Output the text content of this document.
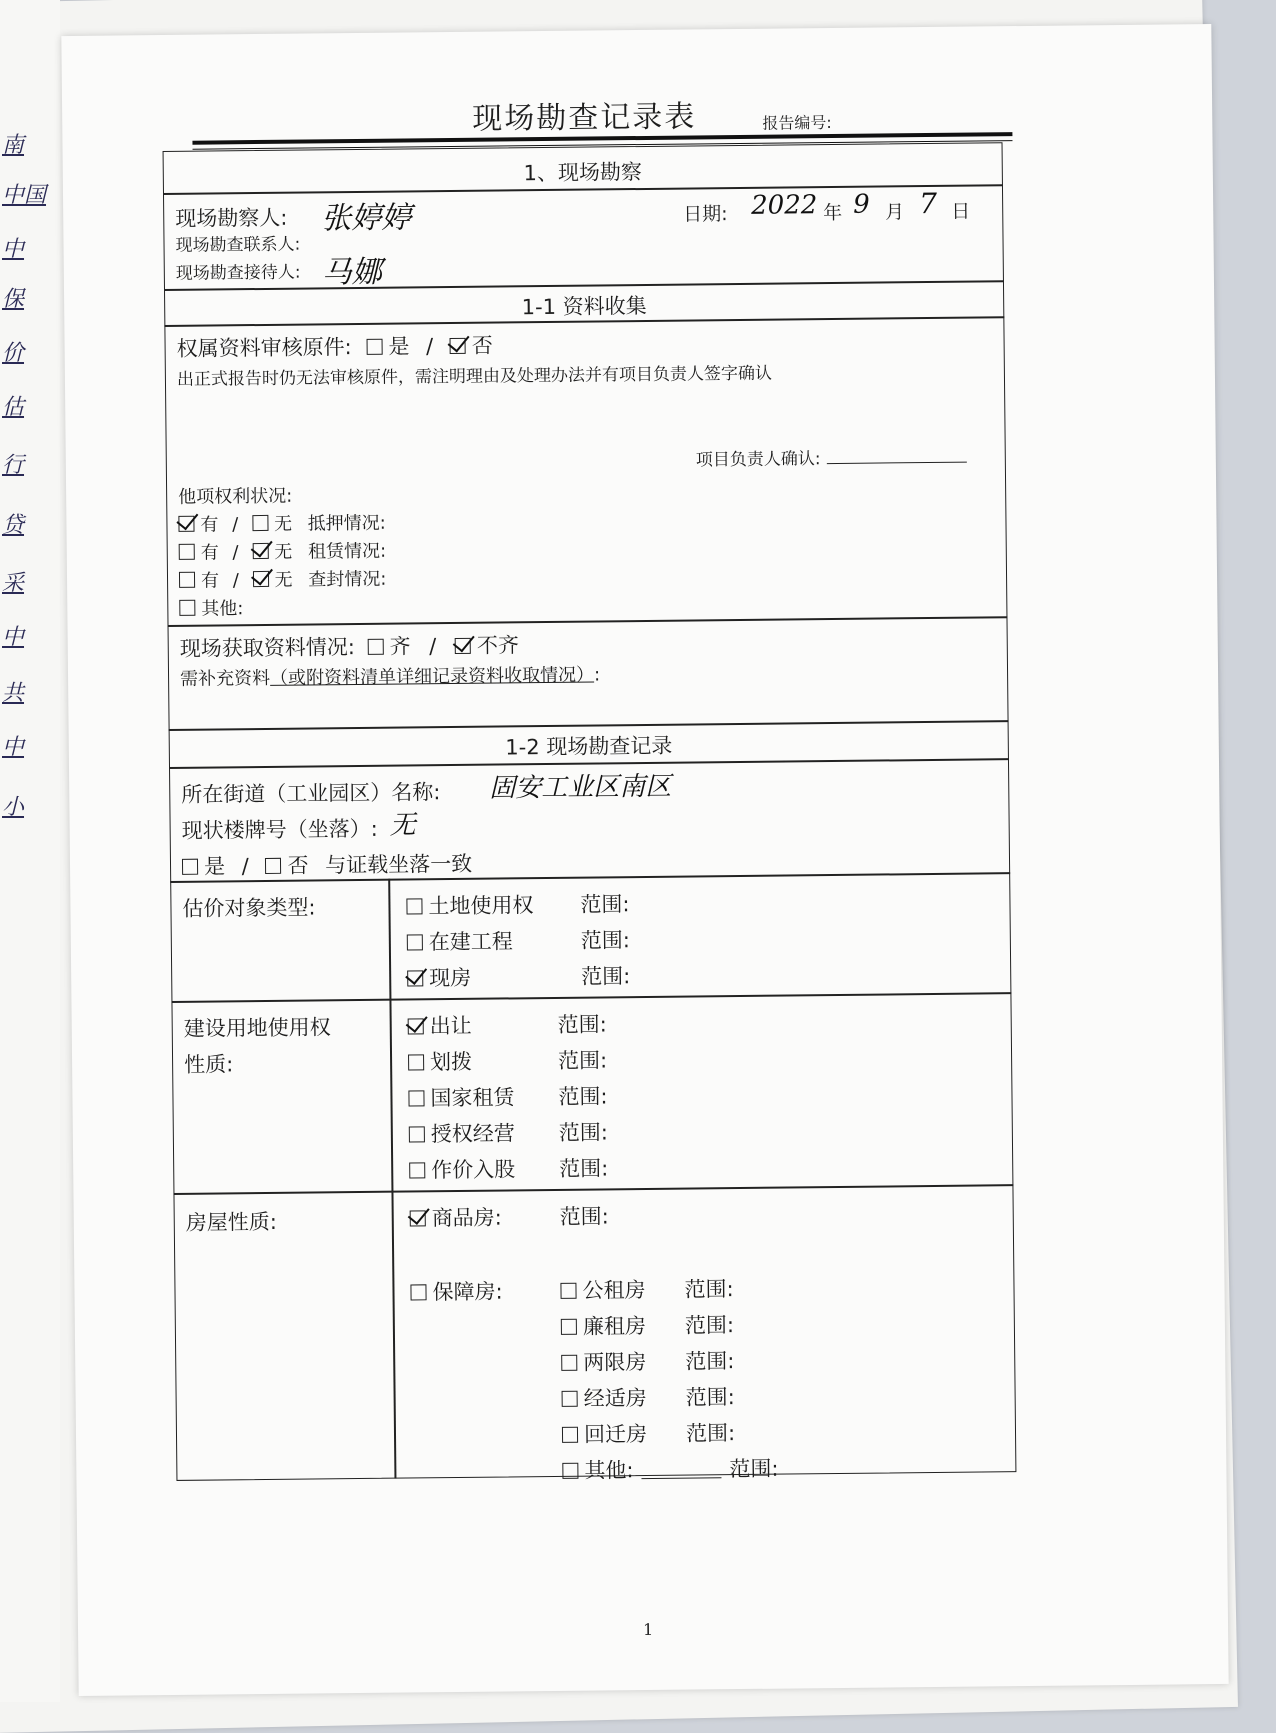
南
中国
中
保
价
估
行
贷
采
中
共
中
小
现场勘查记录表	报告编号:
1、现场勘察
现场勘察人: 张婷婷	日期: 2022 年 9 月 7 日
现场勘查联系人:
现场勘查接待人: 马娜
1-1 资料收集
权属资料审核原件: 是 / 否
出正式报告时仍无法审核原件，需注明理由及处理办法并有项目负责人签字确认
项目负责人确认:
他项权利状况:
有 / 无 抵押情况:
有 / 无 租赁情况:
有 / 无 查封情况:
其他:
现场获取资料情况: 齐 / 不齐
需补充资料（或附资料清单详细记录资料收取情况）:
1-2 现场勘查记录
所在街道（工业园区）名称: 固安工业区南区
现状楼牌号（坐落）: 无
是 / 否 与证载坐落一致
估价对象类型:	土地使用权 范围:
在建工程	范围:
现房	范围:
建设用地使用权
性质:
出让	范围:
划拨	范围:
国家租赁 范围:
授权经营 范围:
作价入股 范围:
房屋性质:	商品房:	范围:
保障房:	公租房 范围:
廉租房 范围:
两限房 范围:
经适房 范围:
回迁房 范围:
其他:	范围:
1
